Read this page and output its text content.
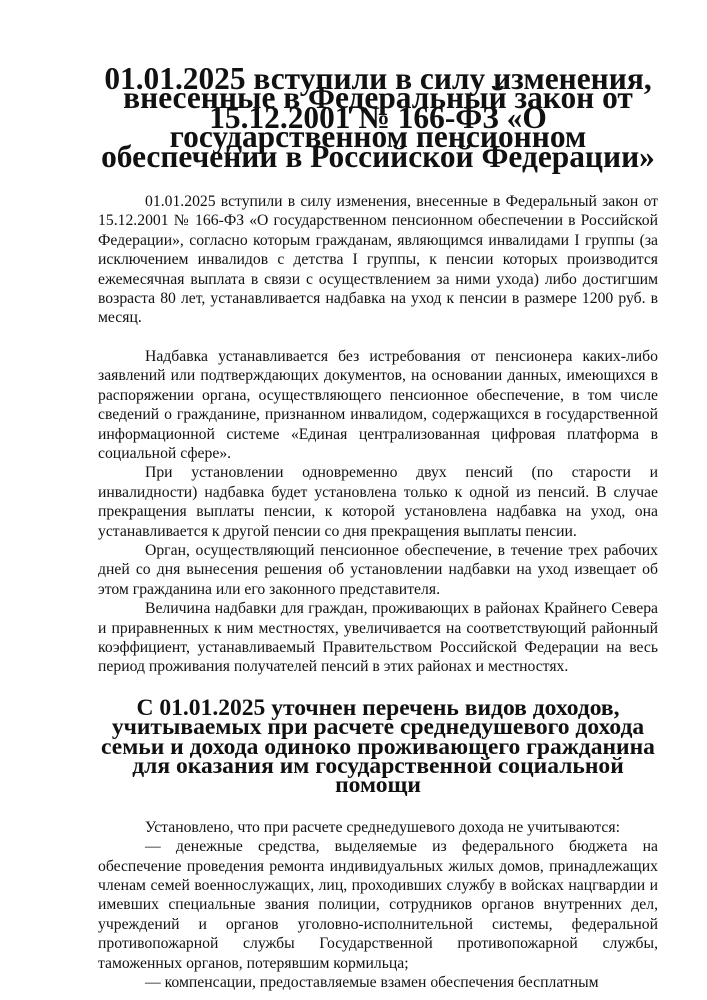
01.01.2025 вступили в силу изменения, внесенные в Федеральный закон от 15.12.2001 № 166-ФЗ «О государственном пенсионном обеспечении в Российской Федерации»

01.01.2025 вступили в силу изменения, внесенные в Федеральный закон от 15.12.2001 № 166-ФЗ «О государственном пенсионном обеспечении в Российской Федерации», согласно которым гражданам, являющимся инвалидами I группы (за исключением инвалидов с детства I группы, к пенсии которых производится ежемесячная выплата в связи с осуществлением за ними ухода) либо достигшим возраста 80 лет, устанавливается надбавка на уход к пенсии в размере 1200 руб. в месяц.

Надбавка устанавливается без истребования от пенсионера каких-либо заявлений или подтверждающих документов, на основании данных, имеющихся в распоряжении органа, осуществляющего пенсионное обеспечение, в том числе сведений о гражданине, признанном инвалидом, содержащихся в государственной информационной системе «Единая централизованная цифровая платформа в социальной сфере».

При установлении одновременно двух пенсий (по старости и инвалидности) надбавка будет установлена только к одной из пенсий. В случае прекращения выплаты пенсии, к которой установлена надбавка на уход, она устанавливается к другой пенсии со дня прекращения выплаты пенсии.

Орган, осуществляющий пенсионное обеспечение, в течение трех рабочих дней со дня вынесения решения об установлении надбавки на уход извещает об этом гражданина или его законного представителя.

Величина надбавки для граждан, проживающих в районах Крайнего Севера и приравненных к ним местностях, увеличивается на соответствующий районный коэффициент, устанавливаемый Правительством Российской Федерации на весь период проживания получателей пенсий в этих районах и местностях.

С 01.01.2025 уточнен перечень видов доходов, учитываемых при расчете среднедушевого дохода семьи и дохода одиноко проживающего гражданина для оказания им государственной социальной помощи

Установлено, что при расчете среднедушевого дохода не учитываются:

— денежные средства, выделяемые из федерального бюджета на обеспечение проведения ремонта индивидуальных жилых домов, принадлежащих членам семей военнослужащих, лиц, проходивших службу в войсках нацгвардии и имевших специальные звания полиции, сотрудников органов внутренних дел, учреждений и органов уголовно-исполнительной системы, федеральной противопожарной службы Государственной противопожарной службы, таможенных органов, потерявшим кормильца;

— компенсации, предоставляемые взамен обеспечения бесплатным
